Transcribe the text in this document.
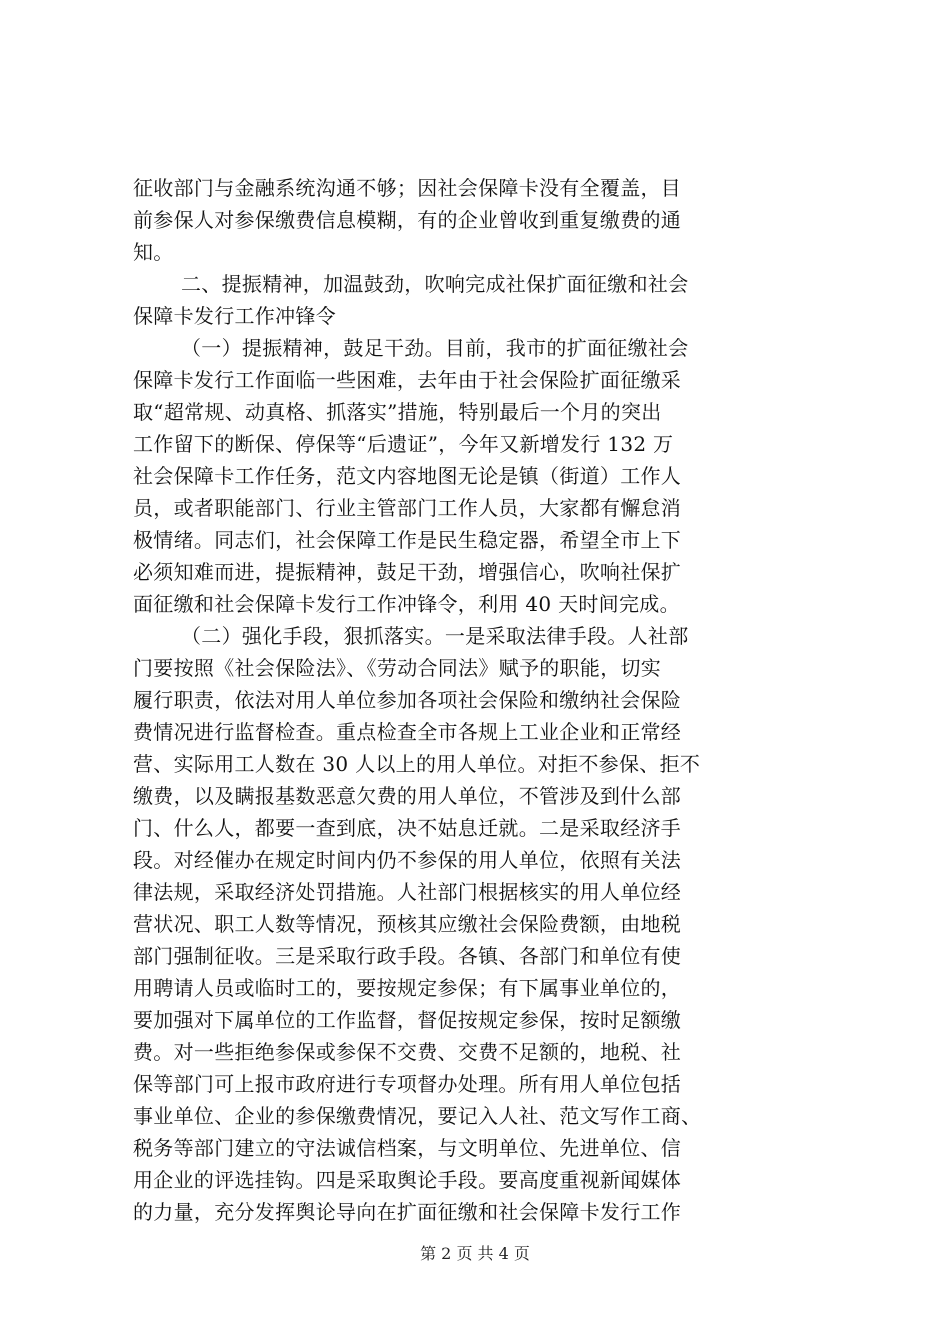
征收部门与金融系统沟通不够；因社会保障卡没有全覆盖，目
前参保人对参保缴费信息模糊，有的企业曾收到重复缴费的通
知。
二、提振精神，加温鼓劲，吹响完成社保扩面征缴和社会
保障卡发行工作冲锋令
（一）提振精神，鼓足干劲。目前，我市的扩面征缴社会
保障卡发行工作面临一些困难，去年由于社会保险扩面征缴采
取“超常规、动真格、抓落实”措施，特别最后一个月的突出
工作留下的断保、停保等“后遗证”，今年又新增发行 132 万
社会保障卡工作任务，范文内容地图无论是镇（街道）工作人
员，或者职能部门、行业主管部门工作人员，大家都有懈怠消
极情绪。同志们，社会保障工作是民生稳定器，希望全市上下
必须知难而进，提振精神，鼓足干劲，增强信心，吹响社保扩
面征缴和社会保障卡发行工作冲锋令，利用 40 天时间完成。
（二）强化手段，狠抓落实。一是采取法律手段。人社部
门要按照《社会保险法》、《劳动合同法》赋予的职能，切实
履行职责，依法对用人单位参加各项社会保险和缴纳社会保险
费情况进行监督检查。重点检查全市各规上工业企业和正常经
营、实际用工人数在 30 人以上的用人单位。对拒不参保、拒不
缴费，以及瞒报基数恶意欠费的用人单位，不管涉及到什么部
门、什么人，都要一查到底，决不姑息迁就。二是采取经济手
段。对经催办在规定时间内仍不参保的用人单位，依照有关法
律法规，采取经济处罚措施。人社部门根据核实的用人单位经
营状况、职工人数等情况，预核其应缴社会保险费额，由地税
部门强制征收。三是采取行政手段。各镇、各部门和单位有使
用聘请人员或临时工的，要按规定参保；有下属事业单位的，
要加强对下属单位的工作监督，督促按规定参保，按时足额缴
费。对一些拒绝参保或参保不交费、交费不足额的，地税、社
保等部门可上报市政府进行专项督办处理。所有用人单位包括
事业单位、企业的参保缴费情况，要记入人社、范文写作工商、
税务等部门建立的守法诚信档案，与文明单位、先进单位、信
用企业的评选挂钩。四是采取舆论手段。要高度重视新闻媒体
的力量，充分发挥舆论导向在扩面征缴和社会保障卡发行工作
第 2 页 共 4 页
